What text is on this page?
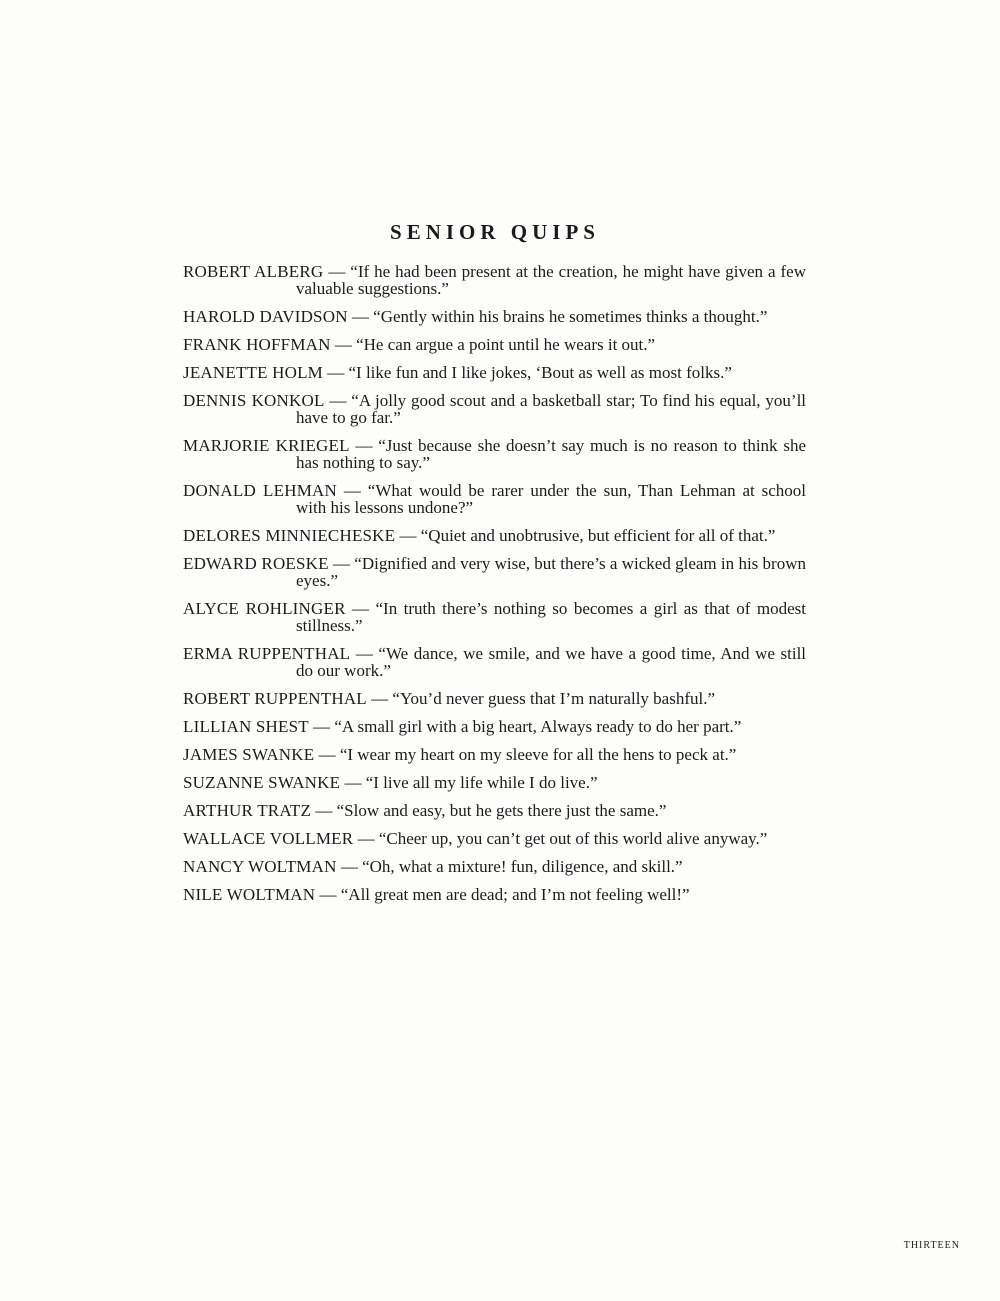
SENIOR QUIPS
ROBERT ALBERG — “If he had been present at the creation, he might have given a few valuable suggestions.”
HAROLD DAVIDSON — “Gently within his brains he sometimes thinks a thought.”
FRANK HOFFMAN — “He can argue a point until he wears it out.”
JEANETTE HOLM — “I like fun and I like jokes, ‘Bout as well as most folks.”
DENNIS KONKOL — “A jolly good scout and a basketball star; To find his equal, you’ll have to go far.”
MARJORIE KRIEGEL — “Just because she doesn’t say much is no reason to think she has nothing to say.”
DONALD LEHMAN — “What would be rarer under the sun, Than Lehman at school with his lessons undone?”
DELORES MINNIECHESKE — “Quiet and unobtrusive, but efficient for all of that.”
EDWARD ROESKE — “Dignified and very wise, but there’s a wicked gleam in his brown eyes.”
ALYCE ROHLINGER — “In truth there’s nothing so becomes a girl as that of modest stillness.”
ERMA RUPPENTHAL — “We dance, we smile, and we have a good time, And we still do our work.”
ROBERT RUPPENTHAL — “You’d never guess that I’m naturally bashful.”
LILLIAN SHEST — “A small girl with a big heart, Always ready to do her part.”
JAMES SWANKE — “I wear my heart on my sleeve for all the hens to peck at.”
SUZANNE SWANKE — “I live all my life while I do live.”
ARTHUR TRATZ — “Slow and easy, but he gets there just the same.”
WALLACE VOLLMER — “Cheer up, you can’t get out of this world alive anyway.”
NANCY WOLTMAN — “Oh, what a mixture! fun, diligence, and skill.”
NILE WOLTMAN — “All great men are dead; and I’m not feeling well!”
THIRTEEN
